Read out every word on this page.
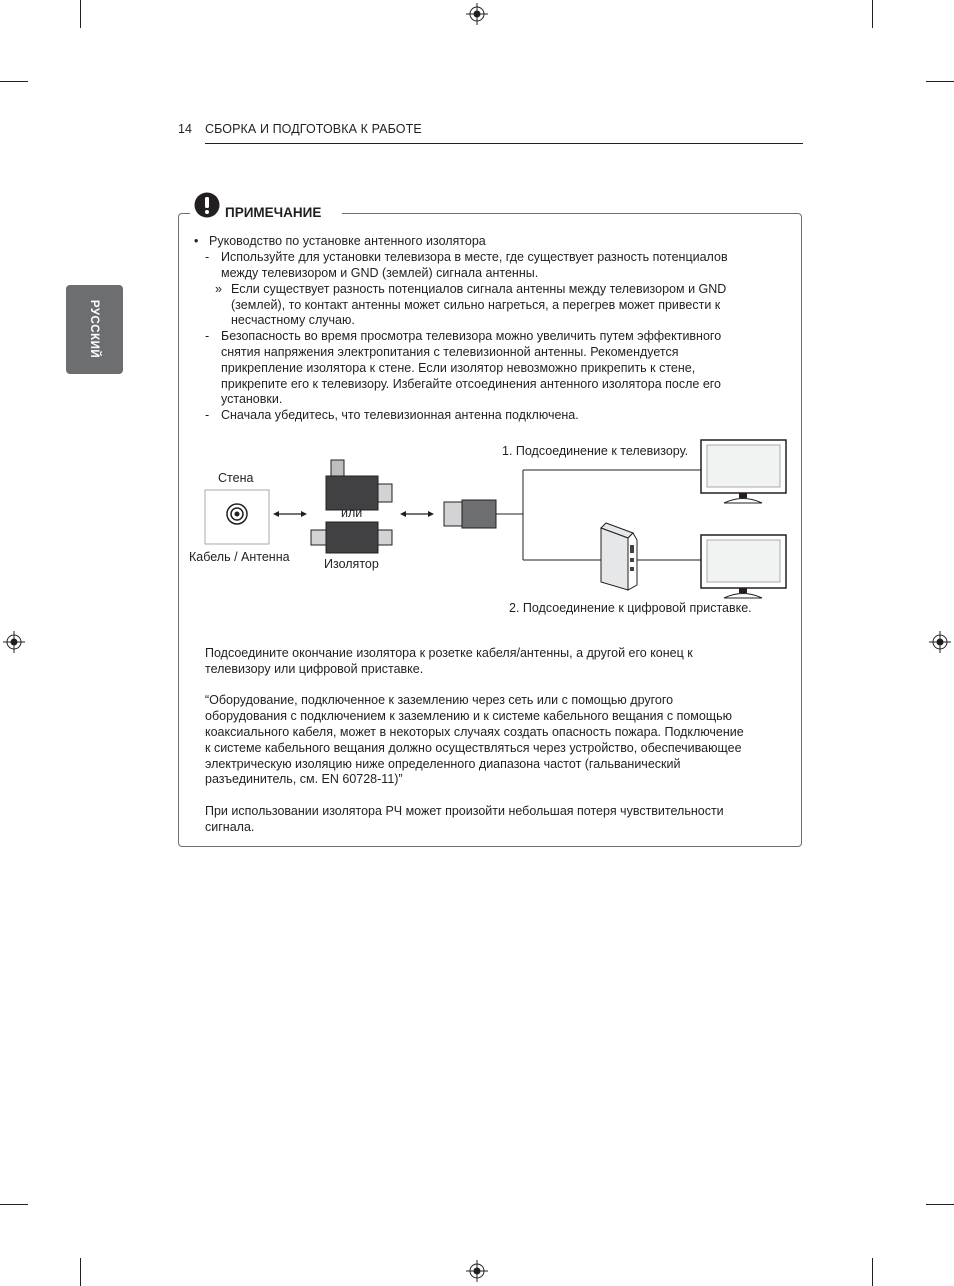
14 СБОРКА И ПОДГОТОВКА К РАБОТЕ
РУССКИЙ
ПРИМЕЧАНИЕ
• Руководство по установке антенного изолятора
- Используйте для установки телевизора в месте, где существует разность потенциалов
между телевизором и GND (землей) сигнала антенны.
» Если существует разность потенциалов сигнала антенны между телевизором и GND
(землей), то контакт антенны может сильно нагреться, а перегрев может привести к
несчастному случаю.
- Безопасность во время просмотра телевизора можно увеличить путем эффективного
снятия напряжения электропитания с телевизионной антенны. Рекомендуется
прикрепление изолятора к стене. Если изолятор невозможно прикрепить к стене,
прикрепите его к телевизору. Избегайте отсоединения антенного изолятора после его
установки.
- Сначала убедитесь, что телевизионная антенна подключена.
Стена
Кабель / Антенна
или
Изолятор
1. Подсоединение к телевизору.
2. Подсоединение к цифровой приставке.
Подсоедините окончание изолятора к розетке кабеля/антенны, а другой его конец к
телевизору или цифровой приставке.
“Оборудование, подключенное к заземлению через сеть или с помощью другого
оборудования с подключением к заземлению и к системе кабельного вещания с помощью
коаксиального кабеля, может в некоторых случаях создать опасность пожара. Подключение
к системе кабельного вещания должно осуществляться через устройство, обеспечивающее
электрическую изоляцию ниже определенного диапазона частот (гальванический
разъединитель, см. EN 60728-11)”
При использовании изолятора РЧ может произойти небольшая потеря чувствительности
сигнала.
